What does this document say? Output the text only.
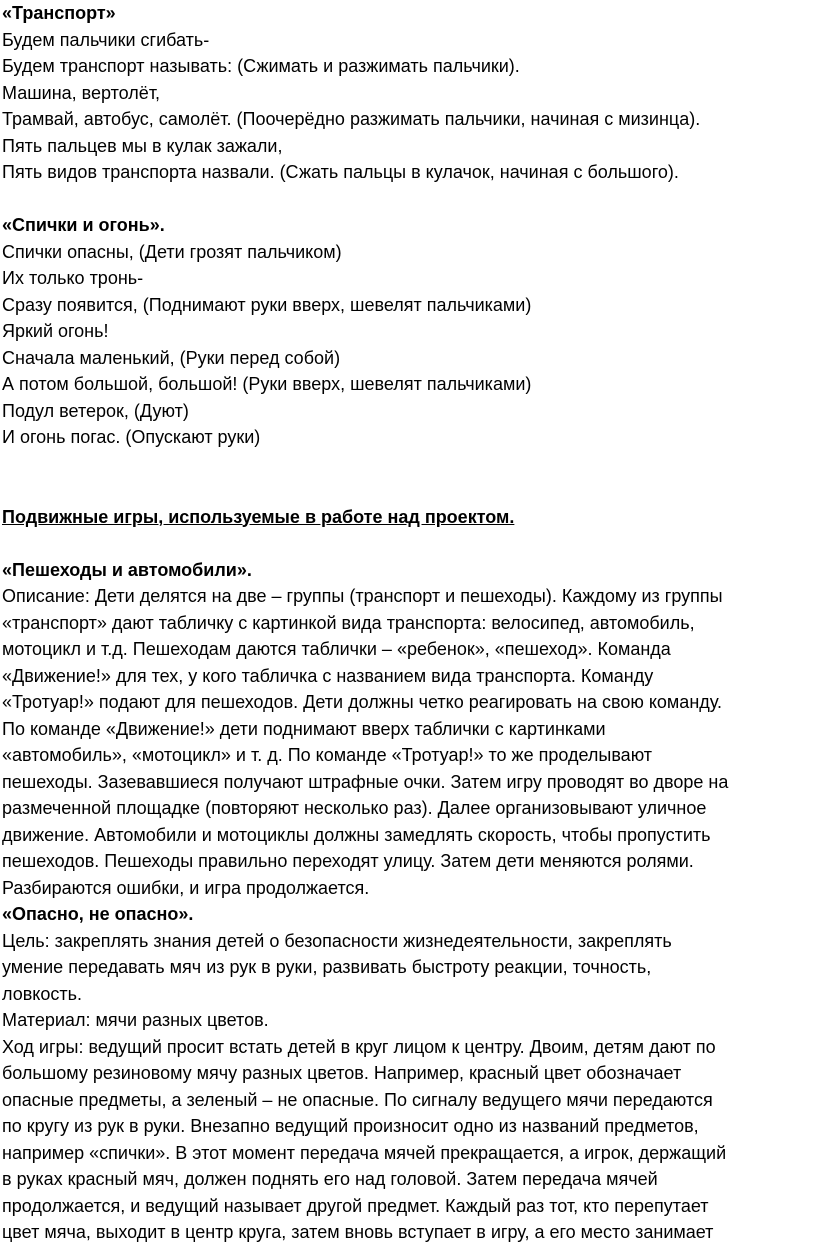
«Транспорт»
Будем пальчики сгибать-
Будем транспорт называть: (Сжимать и разжимать пальчики).
Машина, вертолёт,
Трамвай, автобус, самолёт. (Поочерёдно разжимать пальчики, начиная с мизинца).
Пять пальцев мы в кулак зажали,
Пять видов транспорта назвали. (Сжать пальцы в кулачок, начиная с большого).
«Спички и огонь».
Спички опасны, (Дети грозят пальчиком)
Их только тронь-
Сразу появится, (Поднимают руки вверх, шевелят пальчиками)
Яркий огонь!
Сначала маленький, (Руки перед собой)
А потом большой, большой! (Руки вверх, шевелят пальчиками)
Подул ветерок, (Дуют)
И огонь погас. (Опускают руки)
Подвижные игры, используемые в работе над проектом.
«Пешеходы и автомобили».
Описание: Дети делятся на две – группы (транспорт и пешеходы). Каждому из группы
«транспорт» дают табличку с картинкой вида транспорта: велосипед, автомобиль,
мотоцикл и т.д. Пешеходам даются таблички – «ребенок», «пешеход». Команда
«Движение!» для тех, у кого табличка с названием вида транспорта. Команду
«Тротуар!» подают для пешеходов. Дети должны четко реагировать на свою команду.
По команде «Движение!» дети поднимают вверх таблички с картинками
«автомобиль», «мотоцикл» и т. д. По команде «Тротуар!» то же проделывают
пешеходы. Зазевавшиеся получают штрафные очки. Затем игру проводят во дворе на
размеченной площадке (повторяют несколько раз). Далее организовывают уличное
движение. Автомобили и мотоциклы должны замедлять скорость, чтобы пропустить
пешеходов. Пешеходы правильно переходят улицу. Затем дети меняются ролями.
Разбираются ошибки, и игра продолжается.
«Опасно, не опасно».
Цель: закреплять знания детей о безопасности жизнедеятельности, закреплять
умение передавать мяч из рук в руки, развивать быстроту реакции, точность,
ловкость.
Материал: мячи разных цветов.
Ход игры: ведущий просит встать детей в круг лицом к центру. Двоим, детям дают по
большому резиновому мячу разных цветов. Например, красный цвет обозначает
опасные предметы, а зеленый – не опасные. По сигналу ведущего мячи передаются
по кругу из рук в руки. Внезапно ведущий произносит одно из названий предметов,
например «спички». В этот момент передача мячей прекращается, а игрок, держащий
в руках красный мяч, должен поднять его над головой. Затем передача мячей
продолжается, и ведущий называет другой предмет. Каждый раз тот, кто перепутает
цвет мяча, выходит в центр круга, затем вновь вступает в игру, а его место занимает
